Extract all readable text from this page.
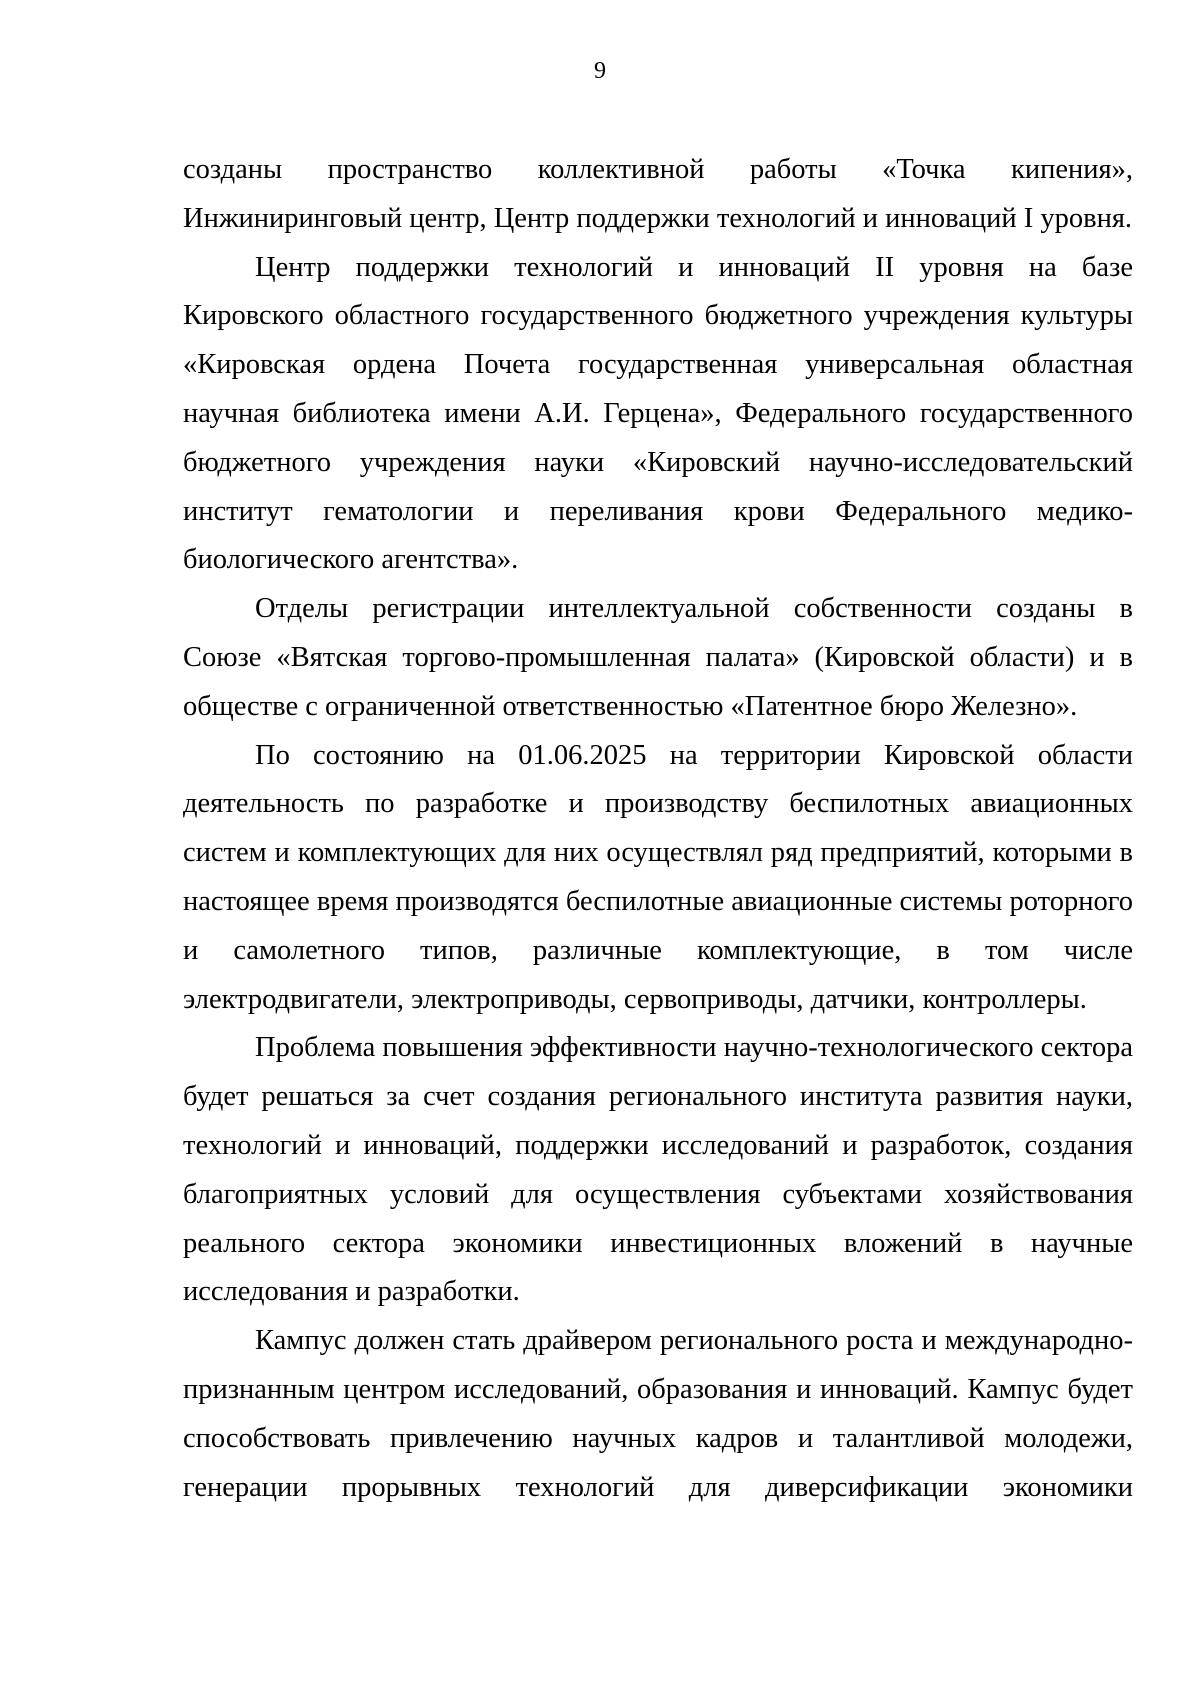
9

созданы пространство коллективной работы «Точка кипения», Инжиниринговый центр, Центр поддержки технологий и инноваций I уровня.

Центр поддержки технологий и инноваций II уровня на базе Кировского областного государственного бюджетного учреждения культуры «Кировская ордена Почета государственная универсальная областная научная библиотека имени А.И. Герцена», Федерального государственного бюджетного учреждения науки «Кировский научно-исследовательский институт гематологии и переливания крови Федерального медико-биологического агентства».

Отделы регистрации интеллектуальной собственности созданы в Союзе «Вятская торгово-промышленная палата» (Кировской области) и в обществе с ограниченной ответственностью «Патентное бюро Железно».

По состоянию на 01.06.2025 на территории Кировской области деятельность по разработке и производству беспилотных авиационных систем и комплектующих для них осуществлял ряд предприятий, которыми в настоящее время производятся беспилотные авиационные системы роторного и самолетного типов, различные комплектующие, в том числе электродвигатели, электроприводы, сервоприводы, датчики, контроллеры.

Проблема повышения эффективности научно-технологического сектора будет решаться за счет создания регионального института развития науки, технологий и инноваций, поддержки исследований и разработок, создания благоприятных условий для осуществления субъектами хозяйствования реального сектора экономики инвестиционных вложений в научные исследования и разработки.

Кампус должен стать драйвером регионального роста и международно-признанным центром исследований, образования и инноваций. Кампус будет способствовать привлечению научных кадров и талантливой молодежи, генерации прорывных технологий для диверсификации экономики
